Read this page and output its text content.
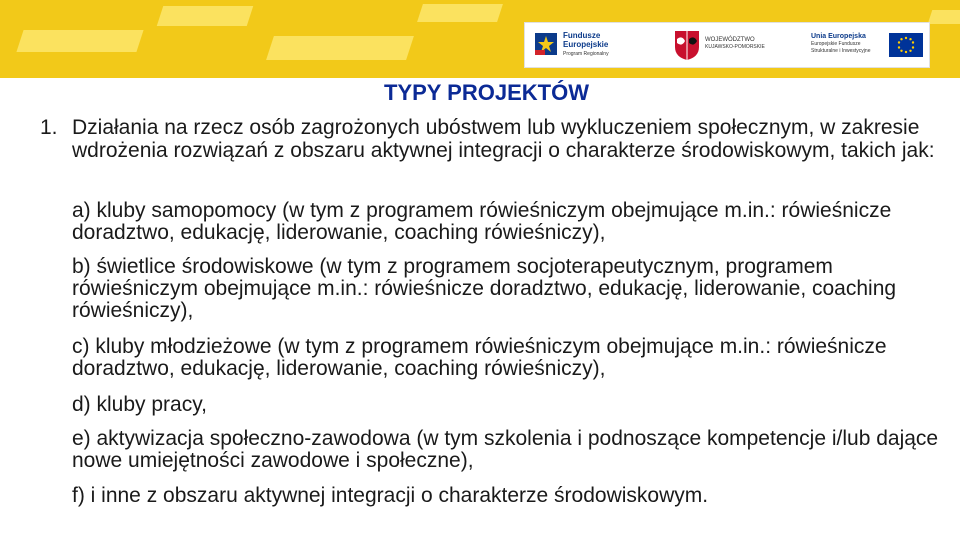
Fundusze
Europejskie
Program Regionalny
WOJEWÓDZTWO
KUJAWSKO-POMORSKIE
Unia Europejska
Europejskie Fundusze
Strukturalne i Inwestycyjne
TYPY PROJEKTÓW
1. Działania na rzecz osób zagrożonych ubóstwem lub wykluczeniem społecznym, w zakresie wdrożenia rozwiązań z obszaru aktywnej integracji o charakterze środowiskowym, takich jak:
a) kluby samopomocy (w tym z programem rówieśniczym obejmujące m.in.: rówieśnicze doradztwo, edukację, liderowanie, coaching rówieśniczy),
b) świetlice środowiskowe (w tym z programem socjoterapeutycznym, programem rówieśniczym obejmujące m.in.: rówieśnicze doradztwo, edukację, liderowanie, coaching rówieśniczy),
c) kluby młodzieżowe (w tym z programem rówieśniczym obejmujące m.in.: rówieśnicze doradztwo, edukację, liderowanie, coaching rówieśniczy),
d) kluby pracy,
e) aktywizacja społeczno-zawodowa (w tym szkolenia i podnoszące kompetencje i/lub dające nowe umiejętności zawodowe i społeczne),
f) i inne z obszaru aktywnej integracji o charakterze środowiskowym.
